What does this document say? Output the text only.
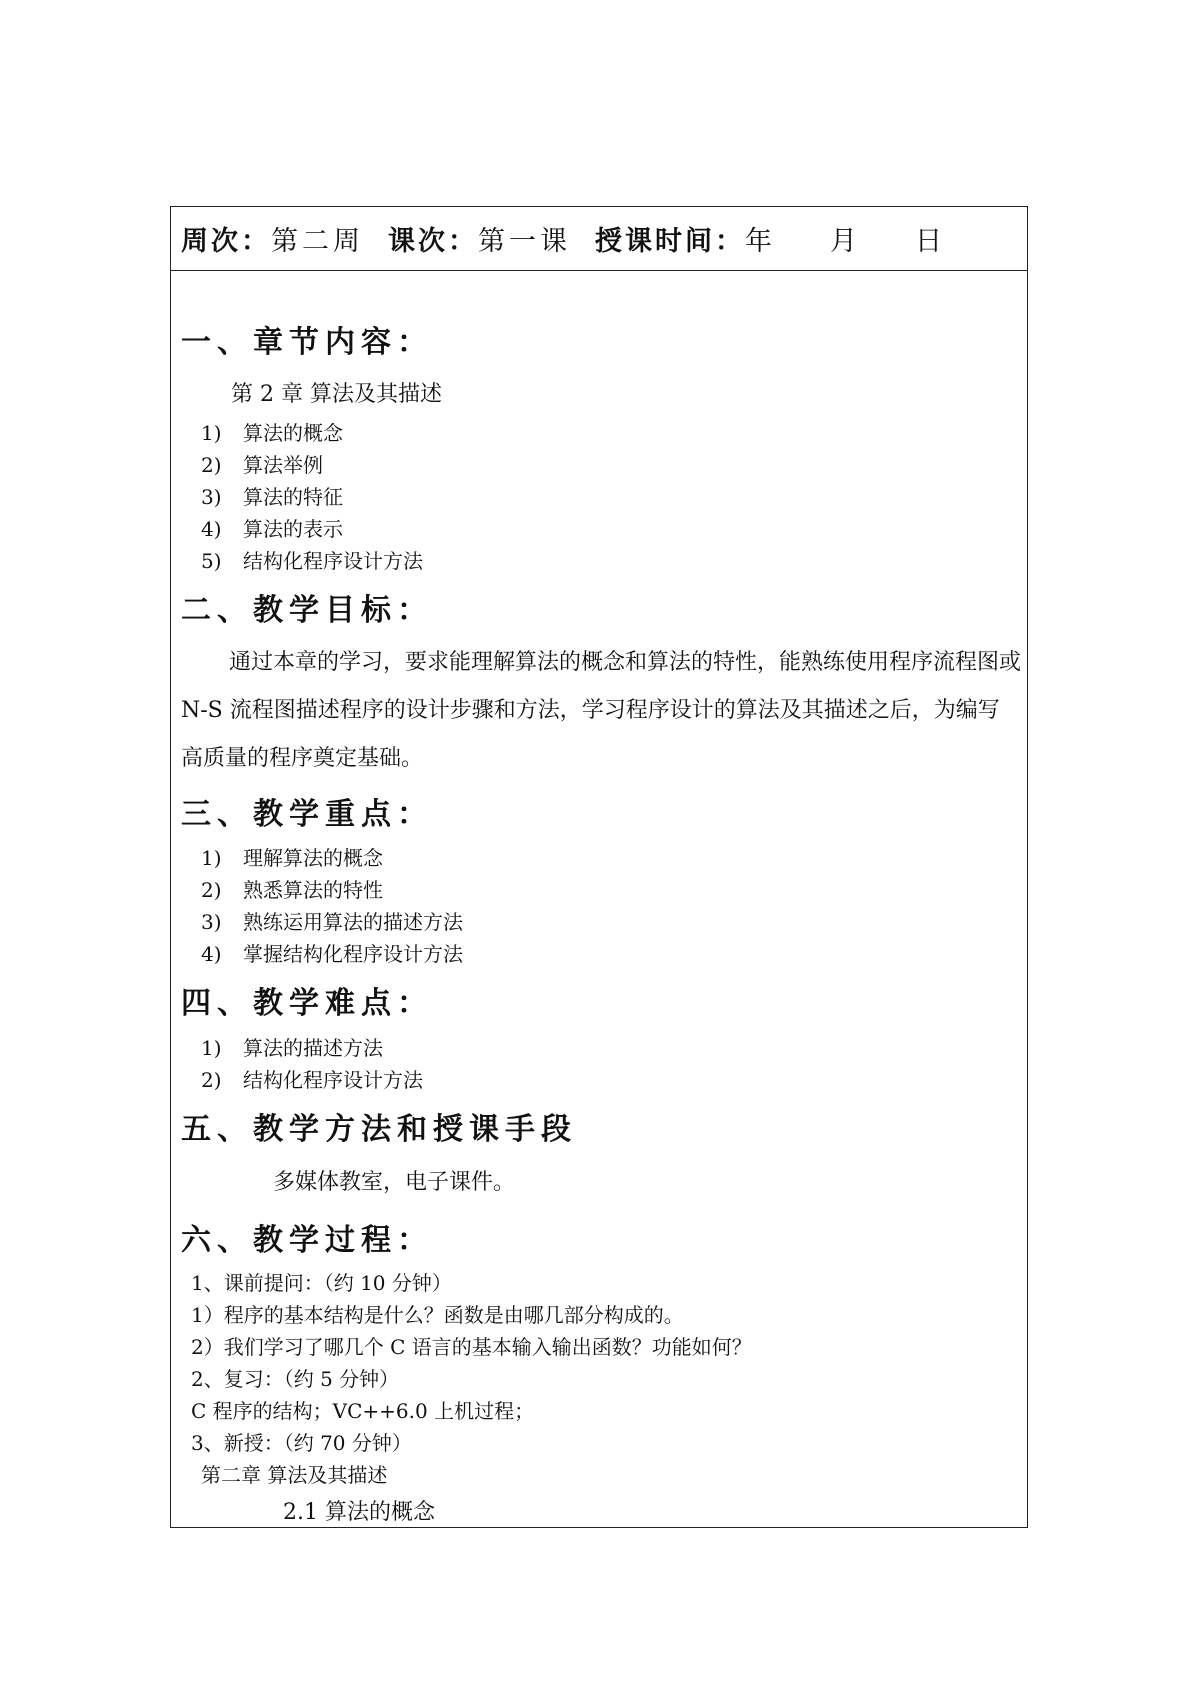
周次： 第二周 课次： 第一课 授课时间： 年 月 日
一、章节内容：
第 2 章 算法及其描述
1) 算法的概念
2) 算法举例
3) 算法的特征
4) 算法的表示
5) 结构化程序设计方法
二、教学目标：
通过本章的学习，要求能理解算法的概念和算法的特性，能熟练使用程序流程图或 N-S 流程图描述程序的设计步骤和方法，学习程序设计的算法及其描述之后，为编写高质量的程序奠定基础。
三、教学重点：
1) 理解算法的概念
2) 熟悉算法的特性
3) 熟练运用算法的描述方法
4) 掌握结构化程序设计方法
四、教学难点：
1) 算法的描述方法
2) 结构化程序设计方法
五、教学方法和授课手段
多媒体教室，电子课件。
六、教学过程：
1、课前提问：（约 10 分钟）
1）程序的基本结构是什么？函数是由哪几部分构成的。
2）我们学习了哪几个 C 语言的基本输入输出函数？功能如何？
2、复习：（约 5 分钟）
C 程序的结构；VC++6.0 上机过程；
3、新授：（约 70 分钟）
第二章 算法及其描述
2.1 算法的概念
